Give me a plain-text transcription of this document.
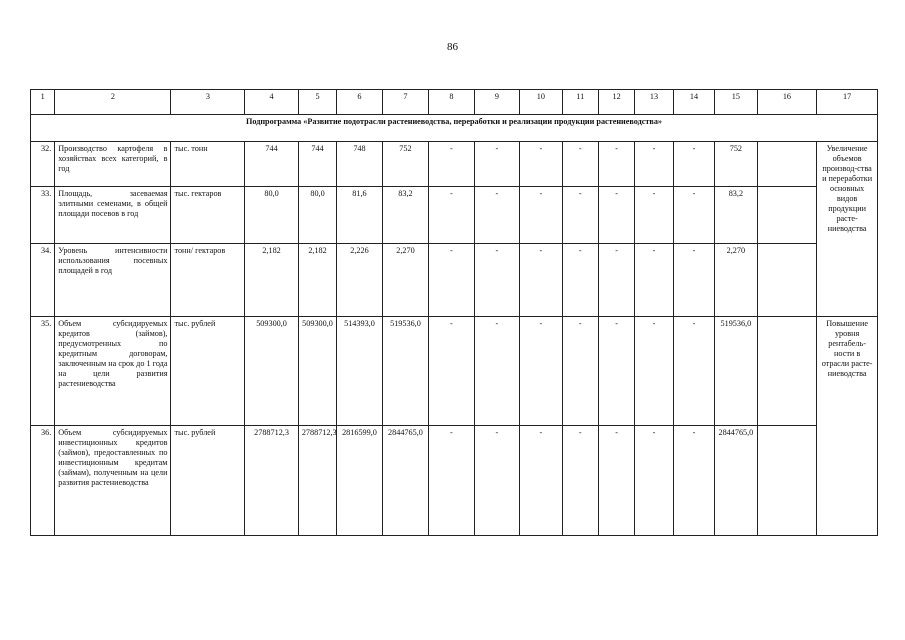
86
1	2	3	4	5	6	7	8	9	10	11	12	13	14	15	16	17
Подпрограмма «Развитие подотрасли растениеводства, переработки и реализации продукции растениеводства»																
32.	Производство картофеля в хозяйствах всех категорий, в год	тыс. тонн	744	744	748	752	-	-	-	-	-	-	-	752		Увеличение объемов производ-ства и переработки основных видов продукции расте-ниеводства
33.	Площадь, засеваемая элитными семенами, в общей площади посевов в год	тыс. гектаров	80,0	80,0	81,6	83,2	-	-	-	-	-	-	-	83,2		
34.	Уровень интенсивности использования посевных площадей в год	тонн/ гектаров	2,182	2,182	2,226	2,270	-	-	-	-	-	-	-	2,270		
35.	Объем субсидируемых кредитов (займов), предусмотренных по кредитным договорам, заключенным на срок до 1 года на цели развития растениеводства	тыс. рублей	509300,0	509300,0	514393,0	519536,0	-	-	-	-	-	-	-	519536,0		Повышение уровня рентабель-ности в отрасли расте-ниеводства
36.	Объем субсидируемых инвестиционных кредитов (займов), предоставленных по инвестиционным кредитам (займам), полученным на цели развития растениеводства	тыс. рублей	2788712,3	2788712,3	2816599,0	2844765,0	-	-	-	-	-	-	-	2844765,0		
